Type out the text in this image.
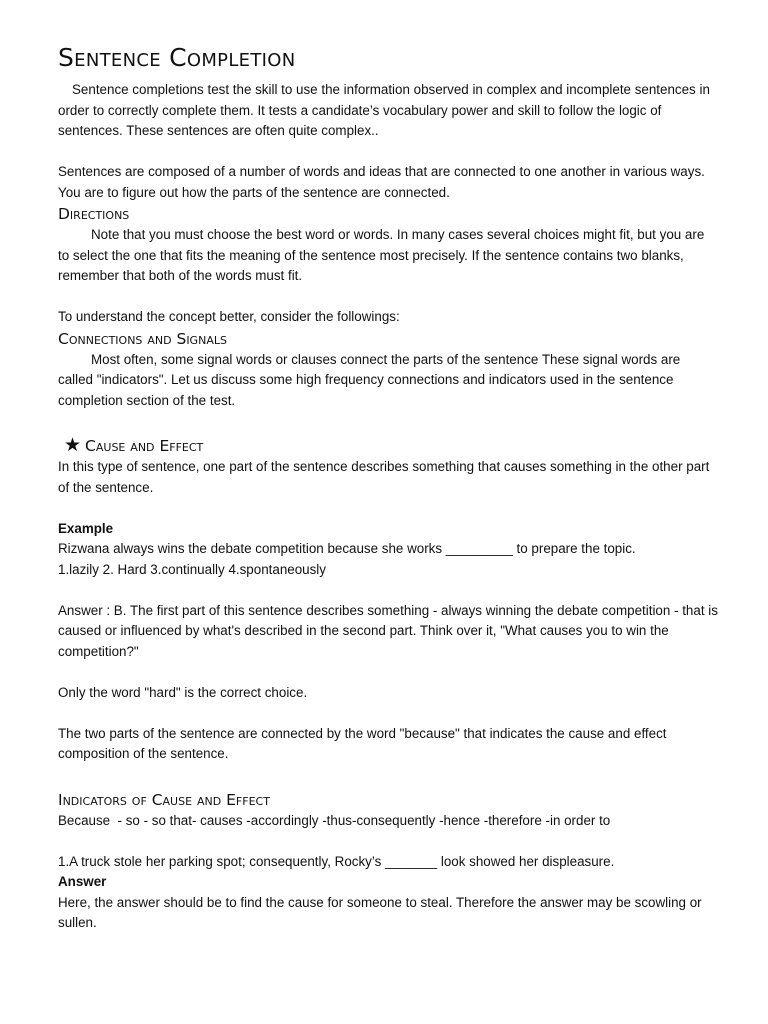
Sentence Completion

Sentence completions test the skill to use the information observed in complex and incomplete sentences in order to correctly complete them. It tests a candidate’s vocabulary power and skill to follow the logic of sentences. These sentences are often quite complex..

Sentences are composed of a number of words and ideas that are connected to one another in various ways. You are to figure out how the parts of the sentence are connected.

Directions

Note that you must choose the best word or words. In many cases several choices might fit, but you are to select the one that fits the meaning of the sentence most precisely. If the sentence contains two blanks, remember that both of the words must fit.

To understand the concept better, consider the followings:

Connections and Signals

Most often, some signal words or clauses connect the parts of the sentence These signal words are called "indicators". Let us discuss some high frequency connections and indicators used in the sentence completion section of the test.

★ Cause and Effect

In this type of sentence, one part of the sentence describes something that causes something in the other part of the sentence.

Example

Rizwana always wins the debate competition because she works _________ to prepare the topic.

1.lazily 2. Hard 3.continually 4.spontaneously

Answer : B. The first part of this sentence describes something - always winning the debate competition - that is caused or influenced by what's described in the second part. Think over it, "What causes you to win the competition?"

Only the word "hard" is the correct choice.

The two parts of the sentence are connected by the word "because" that indicates the cause and effect composition of the sentence.

Indicators of Cause and Effect

Because  - so - so that- causes -accordingly -thus-consequently -hence -therefore -in order to

1.A truck stole her parking spot; consequently, Rocky’s _______ look showed her displeasure.

Answer

Here, the answer should be to find the cause for someone to steal. Therefore the answer may be scowling or sullen.
